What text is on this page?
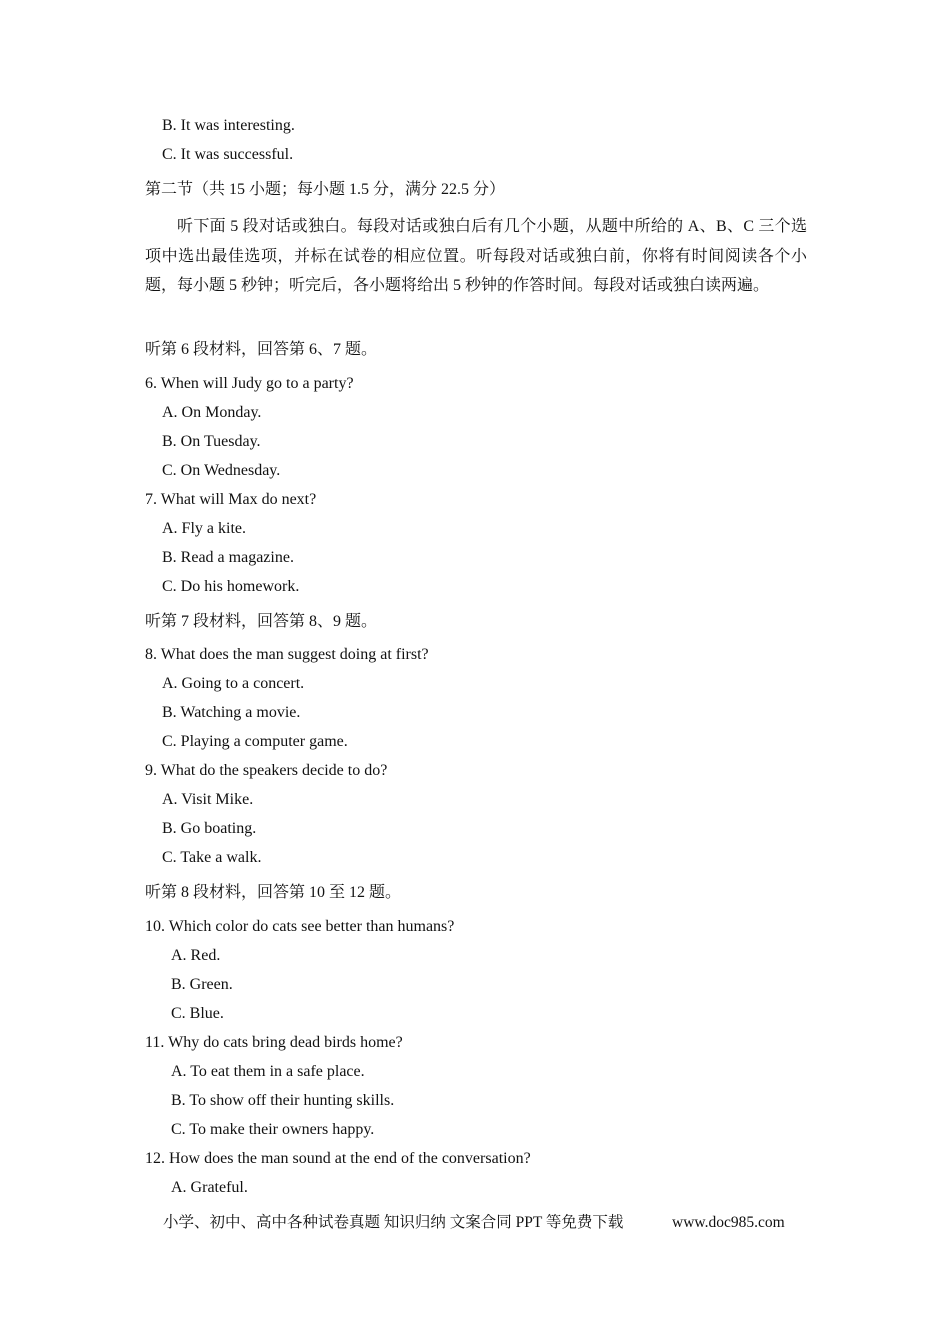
B. It was interesting.
C. It was successful.
第二节（共 15 小题；每小题 1.5 分，满分 22.5 分）
听第 6 段材料，回答第 6、7 题。
6. When will Judy go to a party?
A. On Monday.
B. On Tuesday.
C. On Wednesday.
7. What will Max do next?
A. Fly a kite.
B. Read a magazine.
C. Do his homework.
听第 7 段材料，回答第 8、9 题。
8. What does the man suggest doing at first?
A. Going to a concert.
B. Watching a movie.
C. Playing a computer game.
9. What do the speakers decide to do?
A. Visit Mike.
B. Go boating.
C. Take a walk.
听第 8 段材料，回答第 10 至 12 题。
10. Which color do cats see better than humans?
A. Red.
B. Green.
C. Blue.
11. Why do cats bring dead birds home?
A. To eat them in a safe place.
B. To show off their hunting skills.
C. To make their owners happy.
12. How does the man sound at the end of the conversation?
A. Grateful.
听下面 5 段对话或独白。每段对话或独白后有几个小题，从题中所给的 A、B、C 三个选项中选出最佳选项，并标在试卷的相应位置。听每段对话或独白前，你将有时间阅读各个小题，每小题 5 秒钟；听完后，各小题将给出 5 秒钟的作答时间。每段对话或独白读两遍。
小学、初中、高中各种试卷真题 知识归纳 文案合同 PPT 等免费下载	www.doc985.com
